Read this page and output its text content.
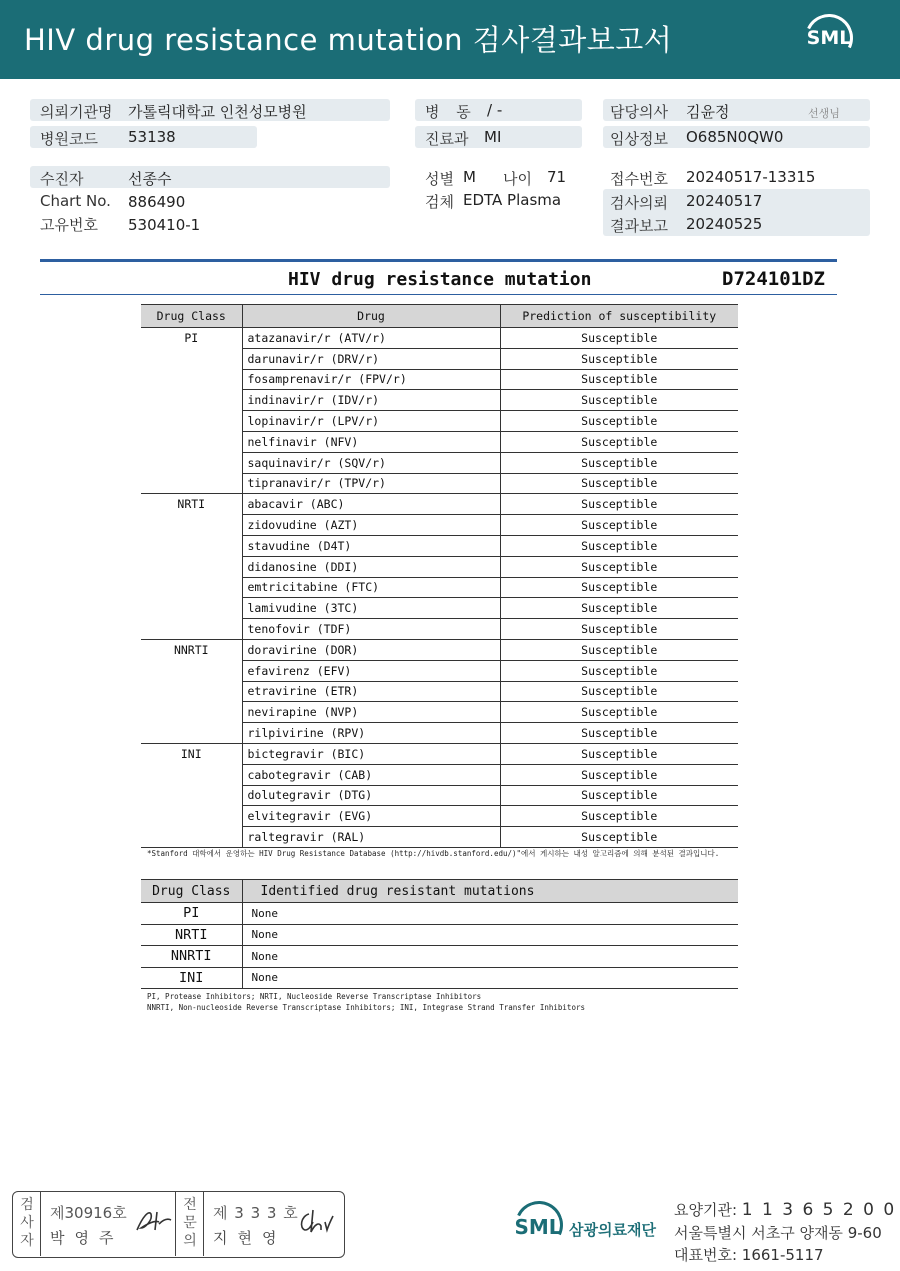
HIV drug resistance mutation 검사결과보고서	SML
의뢰기관명 가톨릭대학교 인천성모병원
병원코드 53138
병 동 / -
진료과 MI
담당의사 김윤정	선생님
임상정보 O685N0QW0
수진자	선종수
Chart No. 886490
고유번호 530410-1
성별 M 나이 71
검체 EDTA Plasma
접수번호 20240517-13315
검사의뢰 20240517
결과보고 20240525
HIV drug resistance mutation	D724101DZ
Drug Class	Drug	Prediction of susceptibility
PI	atazanavir/r (ATV/r)	Susceptible
	darunavir/r (DRV/r)	Susceptible
	fosamprenavir/r (FPV/r)	Susceptible
	indinavir/r (IDV/r)	Susceptible
	lopinavir/r (LPV/r)	Susceptible
	nelfinavir (NFV)	Susceptible
	saquinavir/r (SQV/r)	Susceptible
	tipranavir/r (TPV/r)	Susceptible
NRTI	abacavir (ABC)	Susceptible
	zidovudine (AZT)	Susceptible
	stavudine (D4T)	Susceptible
	didanosine (DDI)	Susceptible
	emtricitabine (FTC)	Susceptible
	lamivudine (3TC)	Susceptible
	tenofovir (TDF)	Susceptible
NNRTI	doravirine (DOR)	Susceptible
	efavirenz (EFV)	Susceptible
	etravirine (ETR)	Susceptible
	nevirapine (NVP)	Susceptible
	rilpivirine (RPV)	Susceptible
INI	bictegravir (BIC)	Susceptible
	cabotegravir (CAB)	Susceptible
	dolutegravir (DTG)	Susceptible
	elvitegravir (EVG)	Susceptible
	raltegravir (RAL)	Susceptible
*Stanford 대학에서 운영하는 HIV Drug Resistance Database (http://hivdb.stanford.edu/)"에서 게시하는 내성 알고리즘에 의해 분석된 결과입니다.
Drug Class	Identified drug resistant mutations
PI	None
NRTI	None
NNRTI	None
INI	None
PI, Protease Inhibitors; NRTI, Nucleoside Reverse Transcriptase Inhibitors
NNRTI, Non-nucleoside Reverse Transcriptase Inhibitors; INI, Integrase Strand Transfer Inhibitors
검사자
제30916호
박영주
전문의
제 3 3 3 호
지현영	SML 삼광의료재단
요양기관: 1 1 3 6 5 2 0 0
서울특별시 서초구 양재동 9-60
대표번호: 1661-5117
